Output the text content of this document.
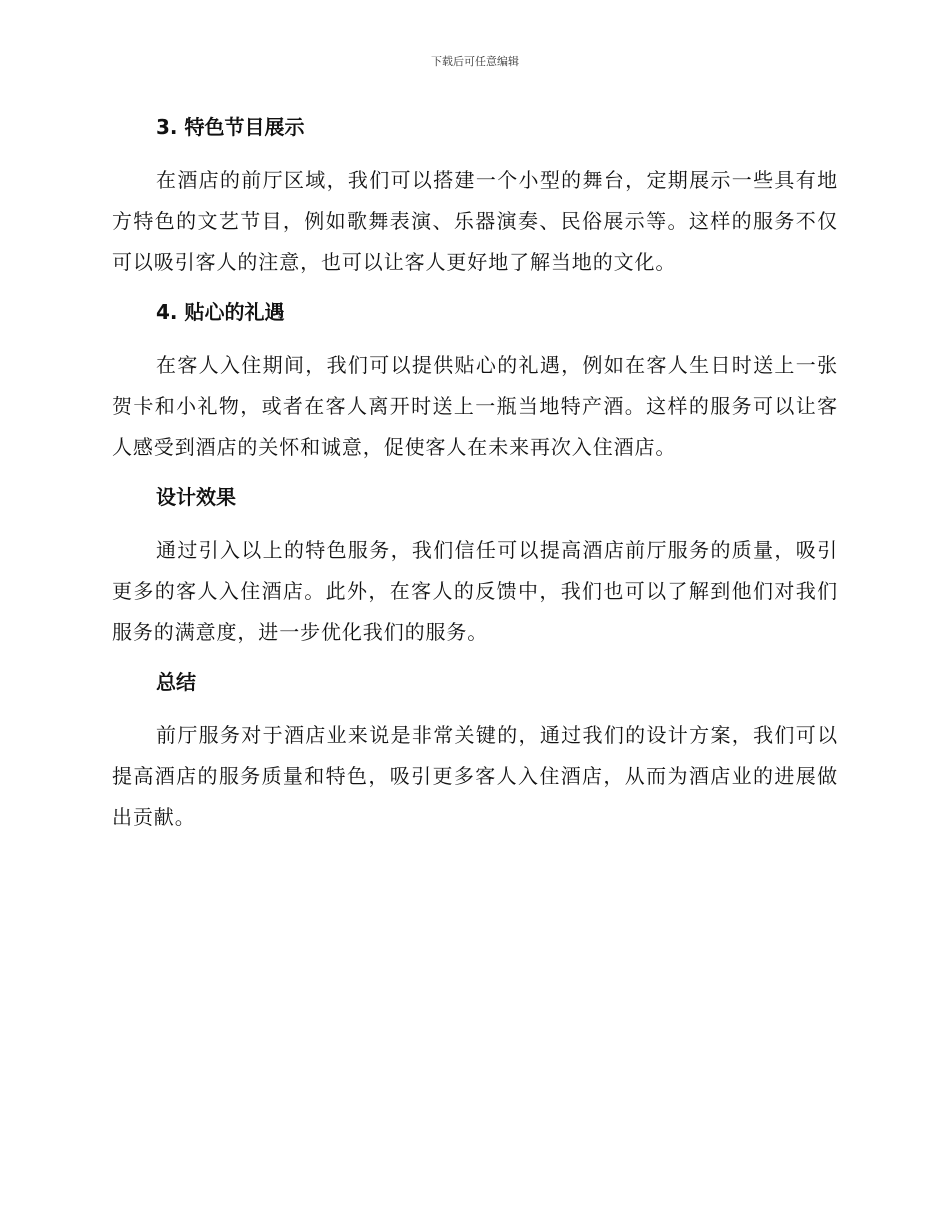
下载后可任意编辑
3. 特色节目展示

在酒店的前厅区域，我们可以搭建一个小型的舞台，定期展示一些具有地方特色的文艺节目，例如歌舞表演、乐器演奏、民俗展示等。这样的服务不仅可以吸引客人的注意，也可以让客人更好地了解当地的文化。

4. 贴心的礼遇

在客人入住期间，我们可以提供贴心的礼遇，例如在客人生日时送上一张贺卡和小礼物，或者在客人离开时送上一瓶当地特产酒。这样的服务可以让客人感受到酒店的关怀和诚意，促使客人在未来再次入住酒店。

设计效果

通过引入以上的特色服务，我们信任可以提高酒店前厅服务的质量，吸引更多的客人入住酒店。此外，在客人的反馈中，我们也可以了解到他们对我们服务的满意度，进一步优化我们的服务。

总结

前厅服务对于酒店业来说是非常关键的，通过我们的设计方案，我们可以提高酒店的服务质量和特色，吸引更多客人入住酒店，从而为酒店业的进展做出贡献。
